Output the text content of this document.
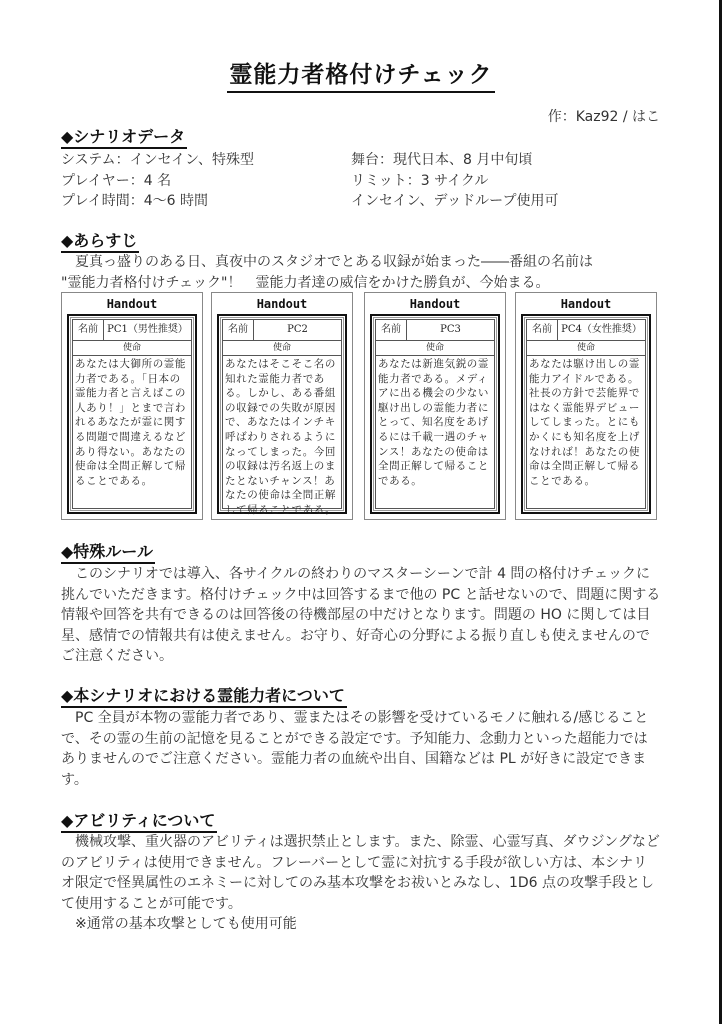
霊能力者格付けチェック
作：Kaz92 / はこ
◆シナリオデータ
システム：インセイン、特殊型	舞台：現代日本、8 月中旬頃
プレイヤー：4 名	リミット：3 サイクル
プレイ時間：4～6 時間	インセイン、デッドループ使用可
◆あらすじ

夏真っ盛りのある日、真夜中のスタジオでとある収録が始まった――番組の名前は

"霊能力者格付けチェック"！　霊能力者達の威信をかけた勝負が、今始まる。

Handout
名前 PC1（男性推奨）
使命
あなたは大御所の霊能力者である。「日本の霊能力者と言えばこの人あり！」とまで言われるあなたが霊に関する問題で間違えるなどあり得ない。あなたの使命は全問正解して帰ることである。
Handout
名前	PC2
使命
あなたはそこそこ名の知れた霊能力者である。しかし、ある番組の収録での失敗が原因で、あなたはインチキ呼ばわりされるようになってしまった。今回の収録は汚名返上のまたとないチャンス！あなたの使命は全問正解して帰ることである。
Handout
名前	PC3
使命
あなたは新進気鋭の霊能力者である。メディアに出る機会の少ない駆け出しの霊能力者にとって、知名度をあげるには千載一遇のチャンス！あなたの使命は全問正解して帰ることである。
Handout
名前 PC4（女性推奨）
使命
あなたは駆け出しの霊能力アイドルである。社長の方針で芸能界ではなく霊能界デビューしてしまった。とにもかくにも知名度を上げなければ！あなたの使命は全問正解して帰ることである。
◆特殊ルール

このシナリオでは導入、各サイクルの終わりのマスターシーンで計 4 問の格付けチェックに挑んでいただきます。格付けチェック中は回答するまで他の PC と話せないので、問題に関する情報や回答を共有できるのは回答後の待機部屋の中だけとなります。問題の HO に関しては目星、感情での情報共有は使えません。お守り、好奇心の分野による振り直しも使えませんのでご注意ください。

◆本シナリオにおける霊能力者について

PC 全員が本物の霊能力者であり、霊またはその影響を受けているモノに触れる/感じることで、その霊の生前の記憶を見ることができる設定です。予知能力、念動力といった超能力ではありませんのでご注意ください。霊能力者の血統や出自、国籍などは PL が好きに設定できます。

◆アビリティについて

機械攻撃、重火器のアビリティは選択禁止とします。また、除霊、心霊写真、ダウジングなどのアビリティは使用できません。フレーバーとして霊に対抗する手段が欲しい方は、本シナリオ限定で怪異属性のエネミーに対してのみ基本攻撃をお祓いとみなし、1D6 点の攻撃手段として使用することが可能です。

※通常の基本攻撃としても使用可能
